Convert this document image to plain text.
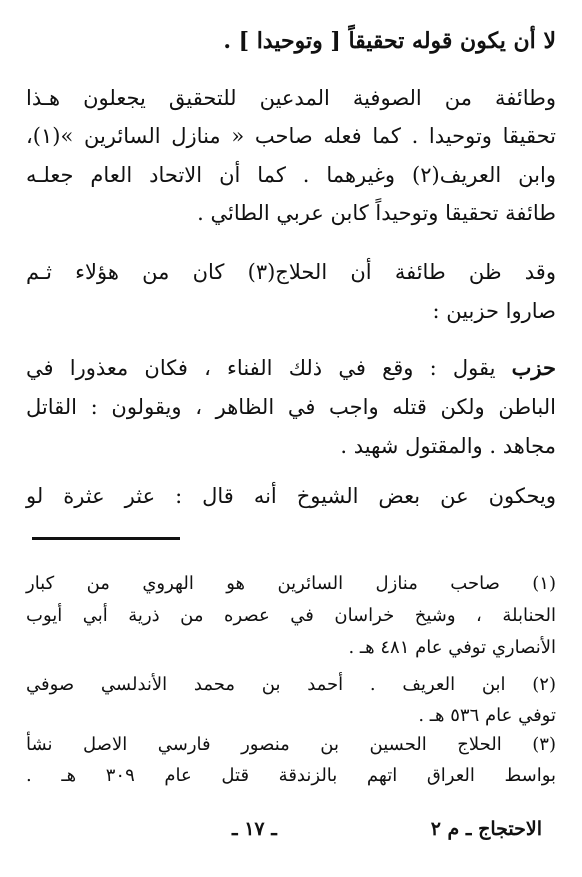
لا أن يكون قوله تحقيقاً [ وتوحيدا ] .
وطائفة من الصوفية المدعين للتحقيق يجعلون هـذا
تحقيقا وتوحيدا . كما فعله صاحب « منازل السائرين »(١)،
وابن العريف(٢) وغيرهما . كما أن الاتحاد العام جعلـه
طائفة تحقيقا وتوحيداً كابن عربي الطائي .
وقد ظن طائفة أن الحلاج(٣) كان من هؤلاء ثـم
صاروا حزبين :
حزب يقول : وقع في ذلك الفناء ، فكان معذورا في
الباطن ولكن قتله واجب في الظاهر ، ويقولون : القاتل
مجاهد . والمقتول شهيد .
ويحكون عن بعض الشيوخ أنه قال : عثر عثرة لو
(١) صاحب منازل السائرين هو الهروي من كبار
الحنابلة ، وشيخ خراسان في عصره من ذرية أبي أيوب
الأنصاري توفي عام ٤٨١ هـ .
(٢) ابن العريف . أحمد بن محمد الأندلسي صوفي
توفي عام ٥٣٦ هـ .
(٣) الحلاج الحسين بن منصور فارسي الاصل نشأ
بواسط العراق اتهم بالزندقة قتل عام ٣٠٩ هـ .
الاحتجاج ـ م ٢
ـ ١٧ ـ
